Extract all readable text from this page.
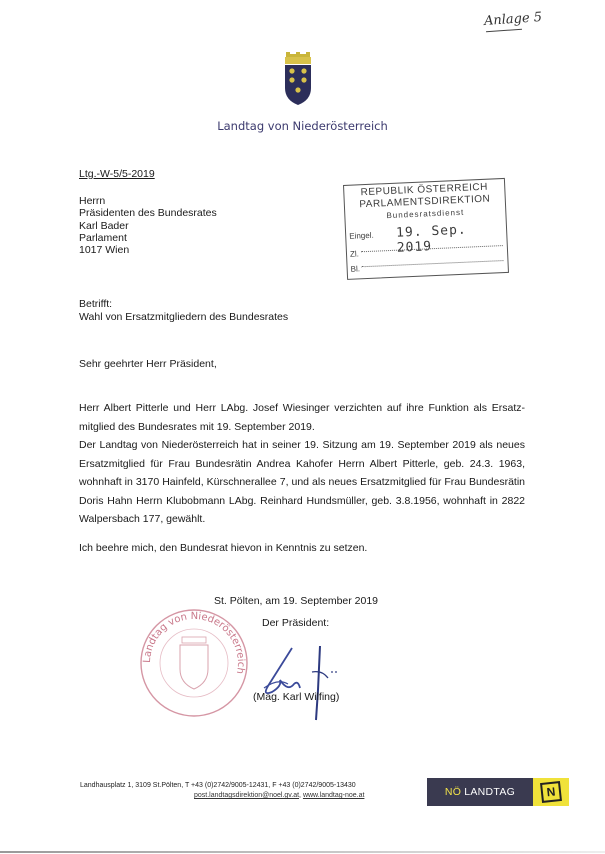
Anlage 5
Landtag von Niederösterreich
Ltg.-W-5/5-2019
Herrn
Präsidenten des Bundesrates
Karl Bader
Parlament
1017 Wien
REPUBLIK ÖSTERREICH
PARLAMENTSDIREKTION
Bundesratsdienst
Eingel. 19. Sep. 2019
Zl.
Bl.
Betrifft:
Wahl von Ersatzmitgliedern des Bundesrates
Sehr geehrter Herr Präsident,

Herr Albert Pitterle und Herr LAbg. Josef Wiesinger verzichten auf ihre Funktion als Ersatz-mitglied des Bundesrates mit 19. September 2019.

Der Landtag von Niederösterreich hat in seiner 19. Sitzung am 19. September 2019 als neues Ersatzmitglied für Frau Bundesrätin Andrea Kahofer Herrn Albert Pitterle, geb. 24.3. 1963, wohnhaft in 3170 Hainfeld, Kürschnerallee 7, und als neues Ersatzmitglied für Frau Bundesrätin Doris Hahn Herrn Klubobmann LAbg. Reinhard Hundsmüller, geb. 3.8.1956, wohnhaft in 2822 Walpersbach 177, gewählt.

Ich beehre mich, den Bundesrat hievon in Kenntnis zu setzen.
St. Pölten, am 19. September 2019
Der Präsident:
Landtag von Niederösterreich
(Mag. Karl Wilfing)
Landhausplatz 1, 3109 St.Pölten, T +43 (0)2742/9005-12431, F +43 (0)2742/9005-13430
post.landtagsdirektion@noel.gv.at, www.landtag-noe.at	NÖ LANDTAG	N
